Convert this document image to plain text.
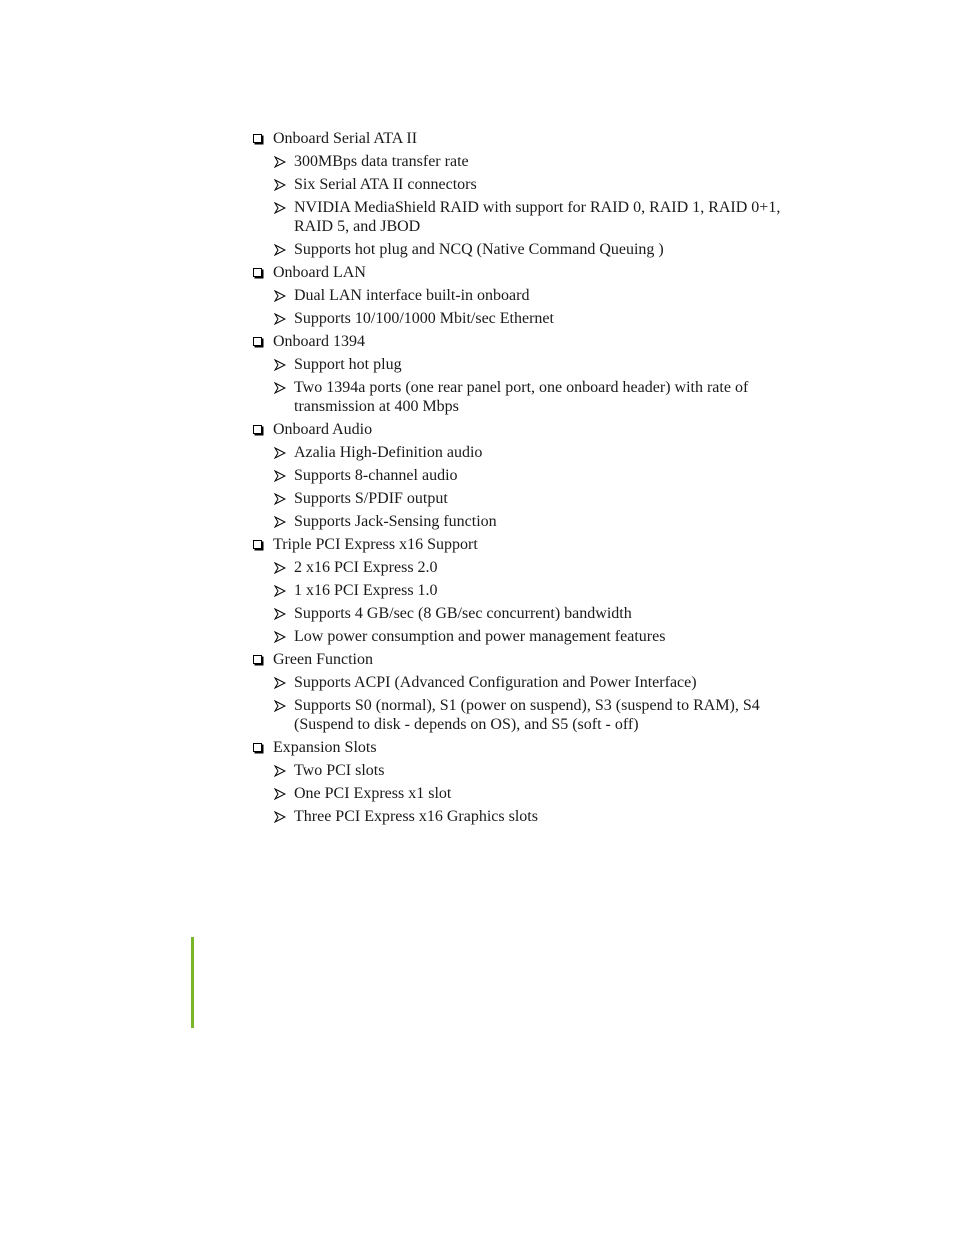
Onboard Serial ATA II
300MBps data transfer rate
Six Serial ATA II connectors
NVIDIA MediaShield RAID with support for RAID 0, RAID 1, RAID 0+1, RAID 5, and JBOD
Supports hot plug and NCQ (Native Command Queuing )
Onboard LAN
Dual LAN interface built-in onboard
Supports 10/100/1000 Mbit/sec Ethernet
Onboard 1394
Support hot plug
Two 1394a ports (one rear panel port, one onboard header) with rate of transmission at 400 Mbps
Onboard Audio
Azalia High-Definition audio
Supports 8-channel audio
Supports S/PDIF output
Supports Jack-Sensing function
Triple PCI Express x16 Support
2 x16 PCI Express 2.0
1 x16 PCI Express 1.0
Supports 4 GB/sec (8 GB/sec concurrent) bandwidth
Low power consumption and power management features
Green Function
Supports ACPI (Advanced Configuration and Power Interface)
Supports S0 (normal), S1 (power on suspend), S3 (suspend to RAM), S4 (Suspend to disk - depends on OS), and S5 (soft - off)
Expansion Slots
Two PCI slots
One PCI Express x1 slot
Three PCI Express x16 Graphics slots
